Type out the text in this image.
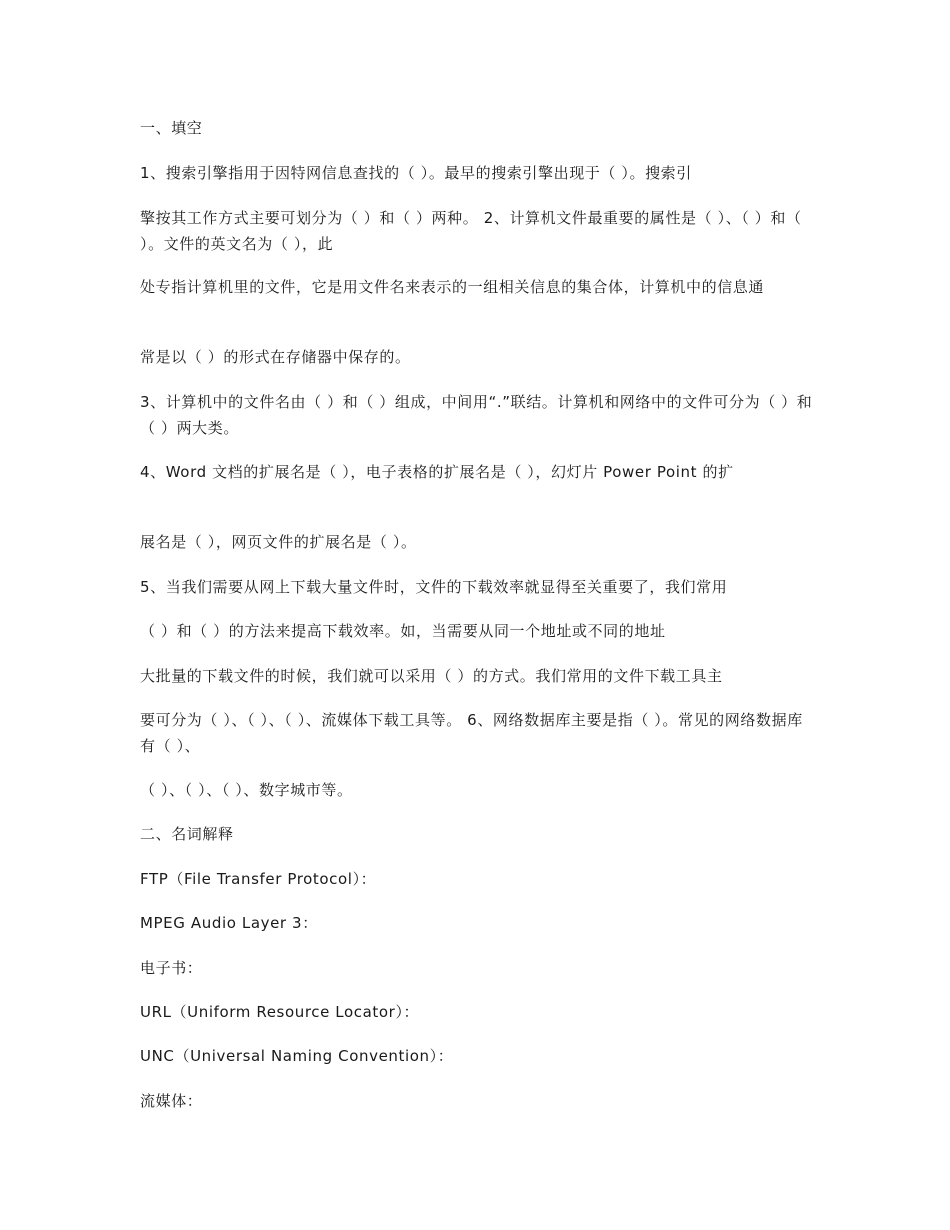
一、填空

1、搜索引擎指用于因特网信息查找的（ ）。最早的搜索引擎出现于（ ）。搜索引

擎按其工作方式主要可划分为（ ）和（ ）两种。 2、计算机文件最重要的属性是（ ）、（ ）和（ ）。文件的英文名为（ ），此

处专指计算机里的文件，它是用文件名来表示的一组相关信息的集合体，计算机中的信息通

常是以（ ）的形式在存储器中保存的。

3、计算机中的文件名由（ ）和（ ）组成，中间用“.”联结。计算机和网络中的文件可分为（ ）和（ ）两大类。

4、Word 文档的扩展名是（ ），电子表格的扩展名是（ ），幻灯片 Power Point 的扩

展名是（ ），网页文件的扩展名是（ ）。

5、当我们需要从网上下载大量文件时，文件的下载效率就显得至关重要了，我们常用

（ ）和（ ）的方法来提高下载效率。如，当需要从同一个地址或不同的地址

大批量的下载文件的时候，我们就可以采用（ ）的方式。我们常用的文件下载工具主

要可分为（ ）、（ ）、（ ）、流媒体下载工具等。 6、网络数据库主要是指（ ）。常见的网络数据库有（ ）、

（ ）、（ ）、（ ）、数字城市等。

二、名词解释

FTP（File Transfer Protocol）：

MPEG Audio Layer 3：

电子书：

URL（Uniform Resource Locator）：

UNC（Universal Naming Convention）：

流媒体：
